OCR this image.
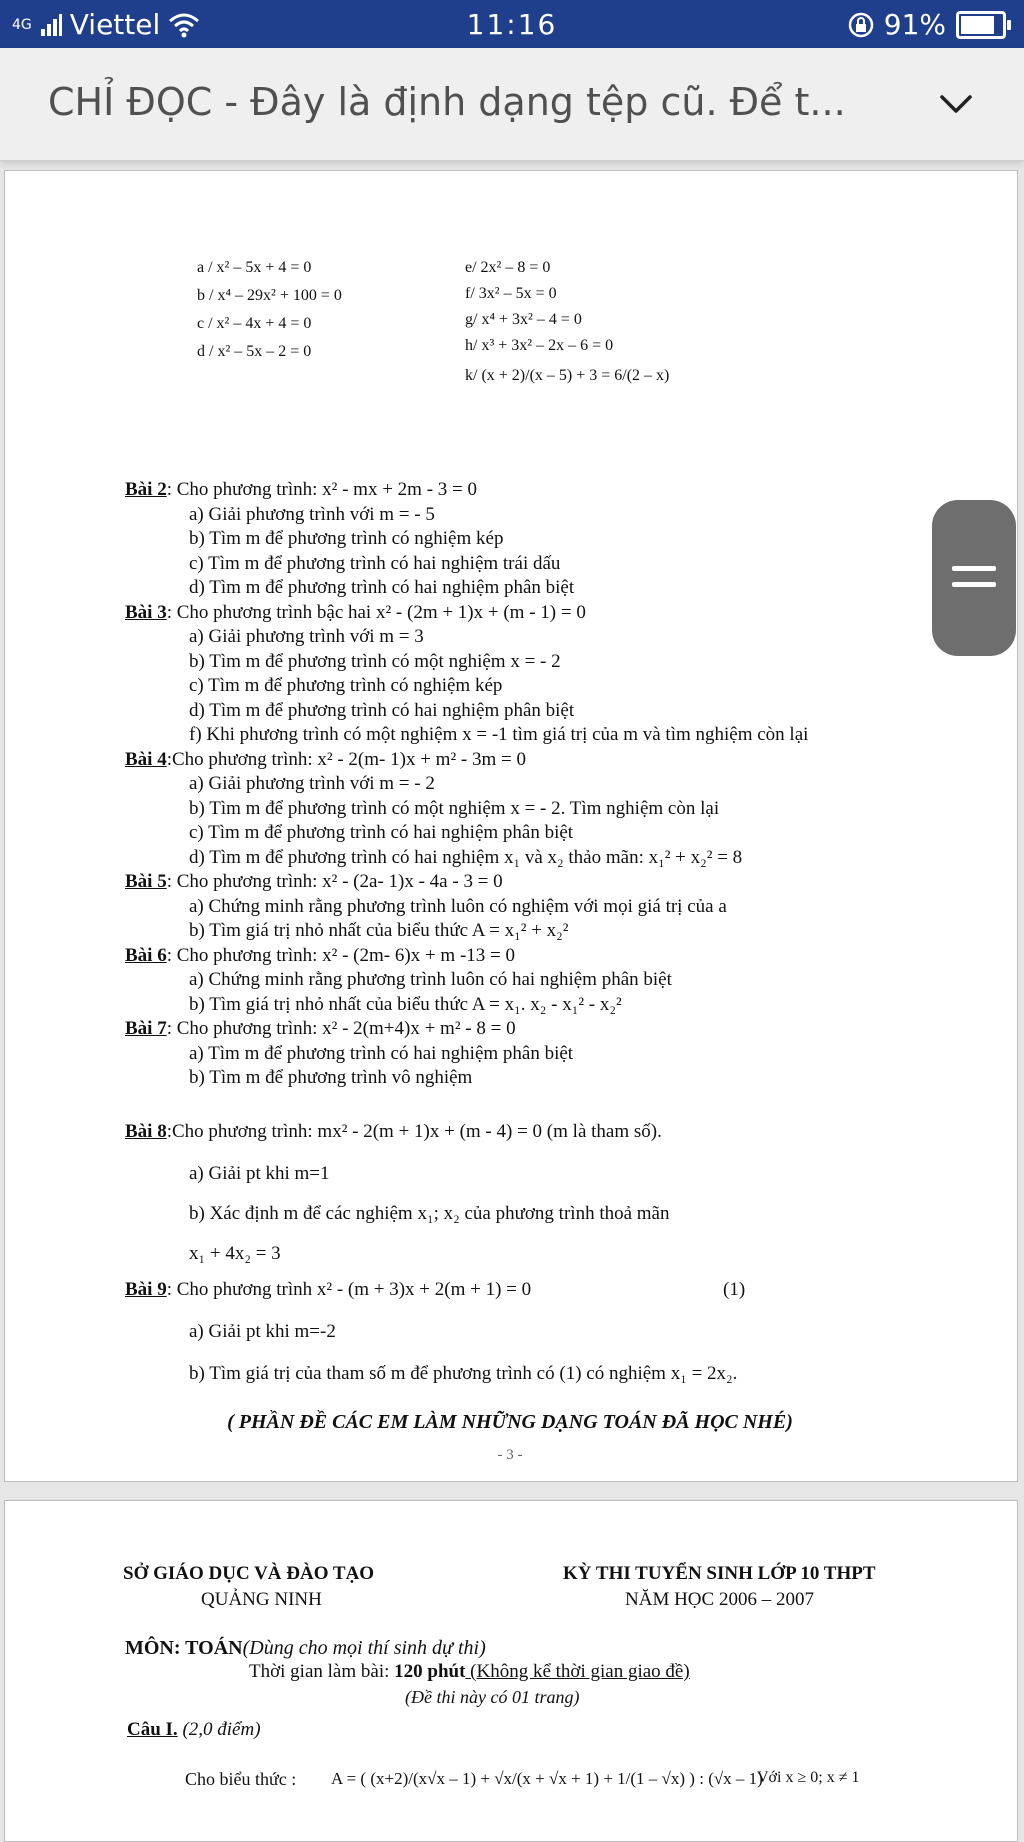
4G Viettel	11:16	91%
CHỈ ĐỌC - Đây là định dạng tệp cũ. Để t...
a / x² – 5x + 4 = 0
b / x⁴ – 29x² + 100 = 0
c / x² – 4x + 4 = 0
d / x² – 5x – 2 = 0
e/ 2x² – 8 = 0
f/ 3x² – 5x = 0
g/ x⁴ + 3x² – 4 = 0
h/ x³ + 3x² – 2x – 6 = 0
k/ (x + 2)/(x – 5) + 3 = 6/(2 – x)
Bài 2: Cho phương trình: x² - mx + 2m - 3 = 0
a) Giải phương trình với m = - 5
b) Tìm m để phương trình có nghiệm kép
c) Tìm m để phương trình có hai nghiệm trái dấu
d) Tìm m để phương trình có hai nghiệm phân biệt
Bài 3: Cho phương trình bậc hai x² - (2m + 1)x + (m - 1) = 0
a) Giải phương trình với m = 3
b) Tìm m để phương trình có một nghiệm x = - 2
c) Tìm m để phương trình có nghiệm kép
d) Tìm m để phương trình có hai nghiệm phân biệt
f) Khi phương trình có một nghiệm x = -1 tìm giá trị của m và tìm nghiệm còn lại
Bài 4:Cho phương trình: x² - 2(m- 1)x + m² - 3m = 0
a) Giải phương trình với m = - 2
b) Tìm m để phương trình có một nghiệm x = - 2. Tìm nghiệm còn lại
c) Tìm m để phương trình có hai nghiệm phân biệt
d) Tìm m để phương trình có hai nghiệm x₁ và x₂ thảo mãn: x₁² + x₂² = 8
Bài 5: Cho phương trình: x² - (2a- 1)x - 4a - 3 = 0
a) Chứng minh rằng phương trình luôn có nghiệm với mọi giá trị của a
b) Tìm giá trị nhỏ nhất của biểu thức A = x₁² + x₂²
Bài 6: Cho phương trình: x² - (2m- 6)x + m -13 = 0
a) Chứng minh rằng phương trình luôn có hai nghiệm phân biệt
b) Tìm giá trị nhỏ nhất của biểu thức A = x₁. x₂ - x₁² - x₂²
Bài 7: Cho phương trình: x² - 2(m+4)x + m² - 8 = 0
a) Tìm m để phương trình có hai nghiệm phân biệt
b) Tìm m để phương trình vô nghiệm
Bài 8:Cho phương trình: mx² - 2(m + 1)x + (m - 4) = 0 (m là tham số).
a) Giải pt khi m=1
b) Xác định m để các nghiệm x₁; x₂ của phương trình thoả mãn
x₁ + 4x₂ = 3
Bài 9: Cho phương trình x² - (m + 3)x + 2(m + 1) = 0	(1)
a) Giải pt khi m=-2
b) Tìm giá trị của tham số m để phương trình có (1) có nghiệm x₁ = 2x₂.
( PHẦN ĐỀ CÁC EM LÀM NHỮNG DẠNG TOÁN ĐÃ HỌC NHÉ)
- 3 -
SỞ GIÁO DỤC VÀ ĐÀO TẠO
QUẢNG NINH
KỲ THI TUYỂN SINH LỚP 10 THPT
NĂM HỌC 2006 – 2007
MÔN: TOÁN(Dùng cho mọi thí sinh dự thi)
Thời gian làm bài: 120 phút (Không kể thời gian giao đề)
(Đề thi này có 01 trang)
Câu I. (2,0 điểm)
Cho biểu thức : A = ( (x+2)/(x√x – 1) + √x/(x + √x + 1) + 1/(1 – √x) ) : (√x – 1)
Với x ≥ 0; x ≠ 1
